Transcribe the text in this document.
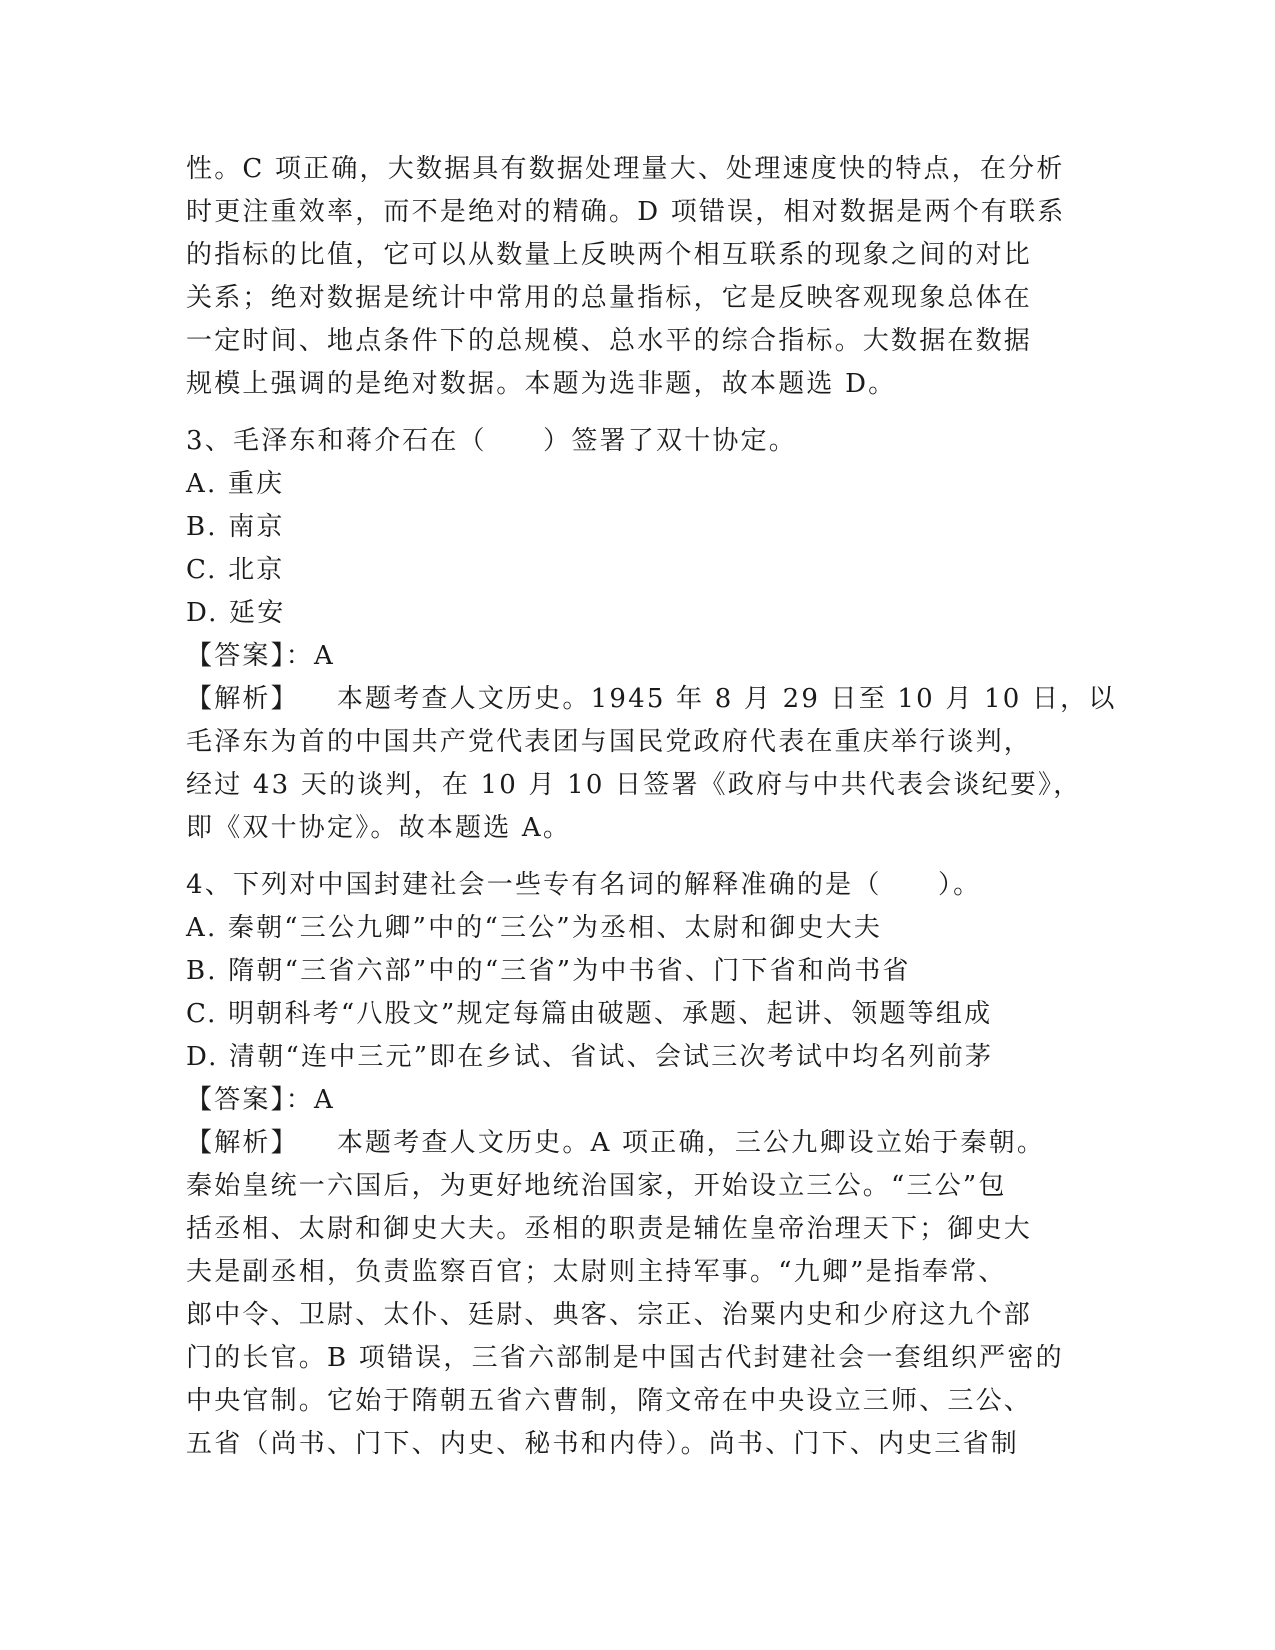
性。C 项正确，大数据具有数据处理量大、处理速度快的特点，在分析
时更注重效率，而不是绝对的精确。D 项错误，相对数据是两个有联系
的指标的比值，它可以从数量上反映两个相互联系的现象之间的对比
关系；绝对数据是统计中常用的总量指标，它是反映客观现象总体在
一定时间、地点条件下的总规模、总水平的综合指标。大数据在数据
规模上强调的是绝对数据。本题为选非题，故本题选 D。
3、毛泽东和蒋介石在（　　）签署了双十协定。
A. 重庆
B. 南京
C. 北京
D. 延安
【答案】：A
【解析】 本题考查人文历史。1945 年 8 月 29 日至 10 月 10 日，以
毛泽东为首的中国共产党代表团与国民党政府代表在重庆举行谈判，
经过 43 天的谈判，在 10 月 10 日签署《政府与中共代表会谈纪要》，
即《双十协定》。故本题选 A。
4、下列对中国封建社会一些专有名词的解释准确的是（　　）。
A. 秦朝“三公九卿”中的“三公”为丞相、太尉和御史大夫
B. 隋朝“三省六部”中的“三省”为中书省、门下省和尚书省
C. 明朝科考“八股文”规定每篇由破题、承题、起讲、领题等组成
D. 清朝“连中三元”即在乡试、省试、会试三次考试中均名列前茅
【答案】：A
【解析】 本题考查人文历史。A 项正确，三公九卿设立始于秦朝。
秦始皇统一六国后，为更好地统治国家，开始设立三公。“三公”包
括丞相、太尉和御史大夫。丞相的职责是辅佐皇帝治理天下；御史大
夫是副丞相，负责监察百官；太尉则主持军事。“九卿”是指奉常、
郎中令、卫尉、太仆、廷尉、典客、宗正、治粟内史和少府这九个部
门的长官。B 项错误，三省六部制是中国古代封建社会一套组织严密的
中央官制。它始于隋朝五省六曹制，隋文帝在中央设立三师、三公、
五省（尚书、门下、内史、秘书和内侍）。尚书、门下、内史三省制
